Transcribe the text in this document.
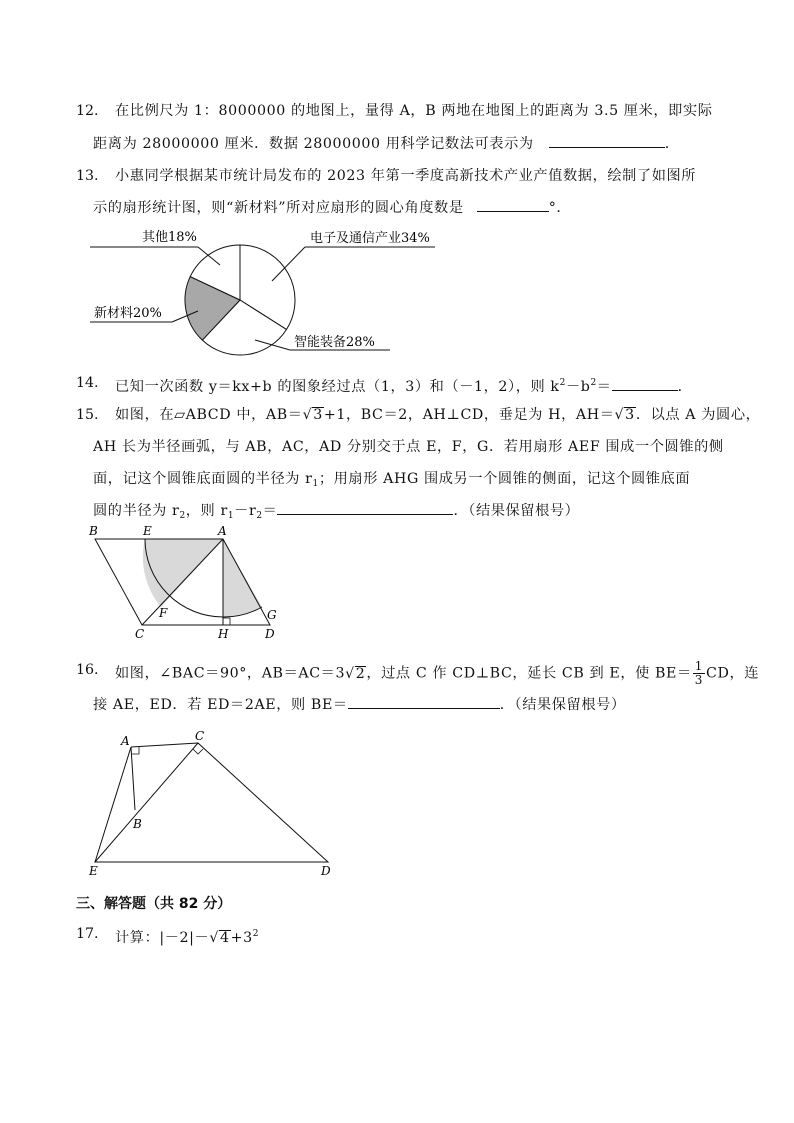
12. 在比例尺为 1：8000000 的地图上，量得 A，B 两地在地图上的距离为 3.5 厘米，即实际
距离为 28000000 厘米．数据 28000000 用科学记数法可表示为	．
13. 小惠同学根据某市统计局发布的 2023 年第一季度高新技术产业产值数据，绘制了如图所
示的扇形统计图，则“新材料”所对应扇形的圆心角度数是	°．
其他18%	电子及通信产业34%
新材料20%
智能装备28%
14. 已知一次函数 y＝kx+b 的图象经过点（1，3）和（－1，2），则 $k^2-b^2=$	．
15. 如图，在▱ABCD 中，AB＝√3+1，BC＝2，AH⊥CD，垂足为 H，AH＝√3．以点 A 为圆心，
AH 长为半径画弧，与 AB，AC，AD 分别交于点 E，F，G．若用扇形 AEF 围成一个圆锥的侧
面，记这个圆锥底面圆的半径为 $r_1$；用扇形 AHG 围成另一个圆锥的侧面，记这个圆锥底面
圆的半径为 $r_2$，则 $r_1-r_2=$	．（结果保留根号）
B	E	A
F	G
C	H	D
16. 如图，∠BAC＝90°，AB＝AC＝3√2，过点 C 作 CD⊥BC，延长 CB 到 E，使 $BE= \frac{1}{3}$ CD，连
接 AE，ED．若 ED＝2AE，则 BE＝	．（结果保留根号）
A	C
B
E	D
三、解答题（共 82 分）
17. 计算：$|-2|-√4+3^2$
